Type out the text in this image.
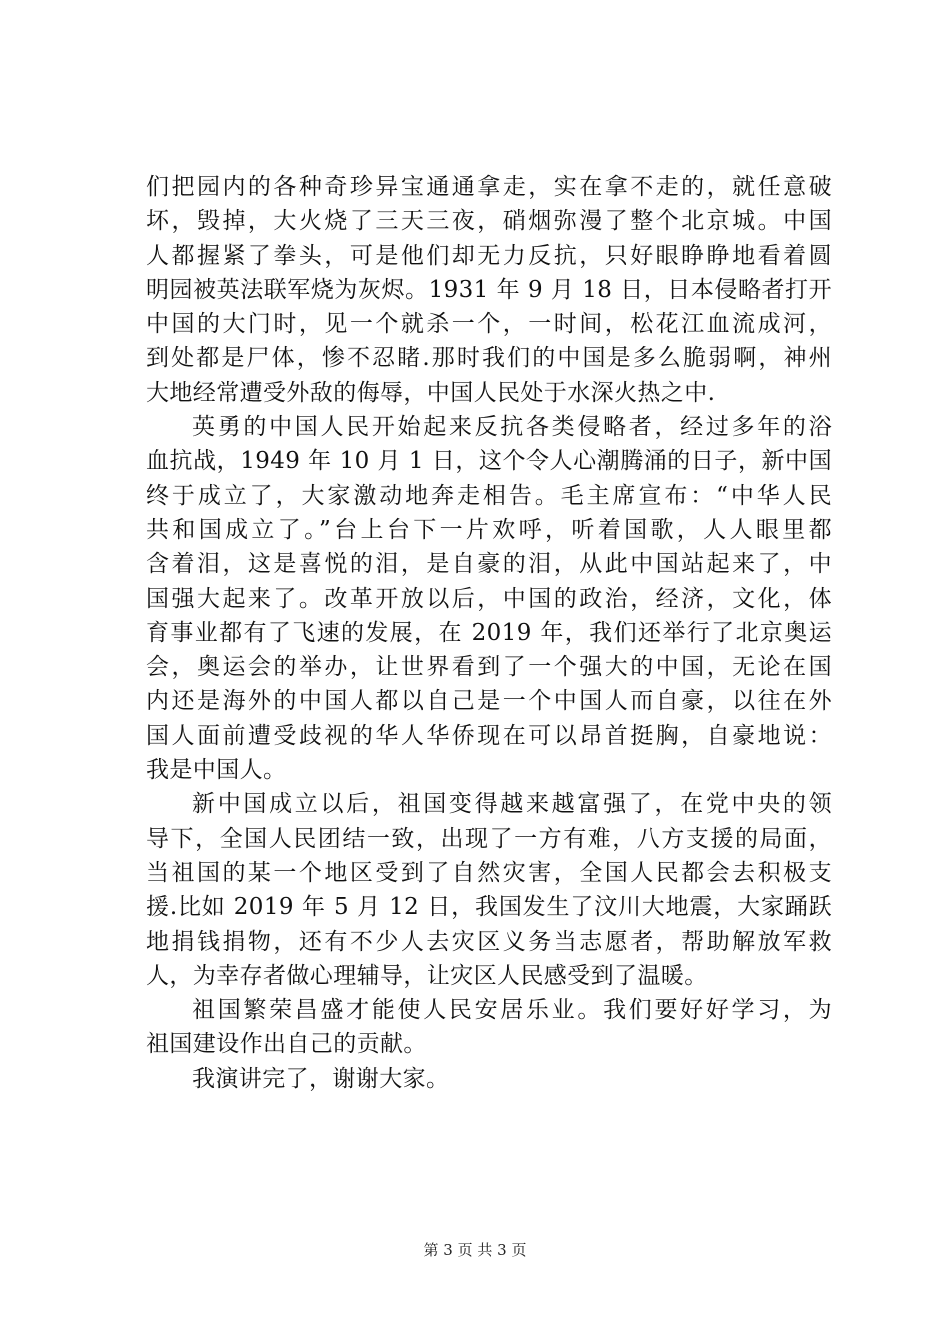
们把园内的各种奇珍异宝通通拿走，实在拿不走的，就任意破
坏，毁掉，大火烧了三天三夜，硝烟弥漫了整个北京城。中国
人都握紧了拳头，可是他们却无力反抗，只好眼睁睁地看着圆
明园被英法联军烧为灰烬。1931 年 9 月 18 日，日本侵略者打开
中国的大门时，见一个就杀一个，一时间，松花江血流成河，
到处都是尸体，惨不忍睹.那时我们的中国是多么脆弱啊，神州
大地经常遭受外敌的侮辱，中国人民处于水深火热之中.
英勇的中国人民开始起来反抗各类侵略者，经过多年的浴
血抗战，1949 年 10 月 1 日，这个令人心潮腾涌的日子，新中国
终于成立了，大家激动地奔走相告。毛主席宣布：“中华人民
共和国成立了。”台上台下一片欢呼，听着国歌，人人眼里都
含着泪，这是喜悦的泪，是自豪的泪，从此中国站起来了，中
国强大起来了。改革开放以后，中国的政治，经济，文化，体
育事业都有了飞速的发展，在 2019 年，我们还举行了北京奥运
会，奥运会的举办，让世界看到了一个强大的中国，无论在国
内还是海外的中国人都以自己是一个中国人而自豪，以往在外
国人面前遭受歧视的华人华侨现在可以昂首挺胸，自豪地说：
我是中国人。
新中国成立以后，祖国变得越来越富强了，在党中央的领
导下，全国人民团结一致，出现了一方有难，八方支援的局面，
当祖国的某一个地区受到了自然灾害，全国人民都会去积极支
援.比如 2019 年 5 月 12 日，我国发生了汶川大地震，大家踊跃
地捐钱捐物，还有不少人去灾区义务当志愿者，帮助解放军救
人，为幸存者做心理辅导，让灾区人民感受到了温暖。
祖国繁荣昌盛才能使人民安居乐业。我们要好好学习，为
祖国建设作出自己的贡献。
我演讲完了，谢谢大家。
第 3 页 共 3 页
